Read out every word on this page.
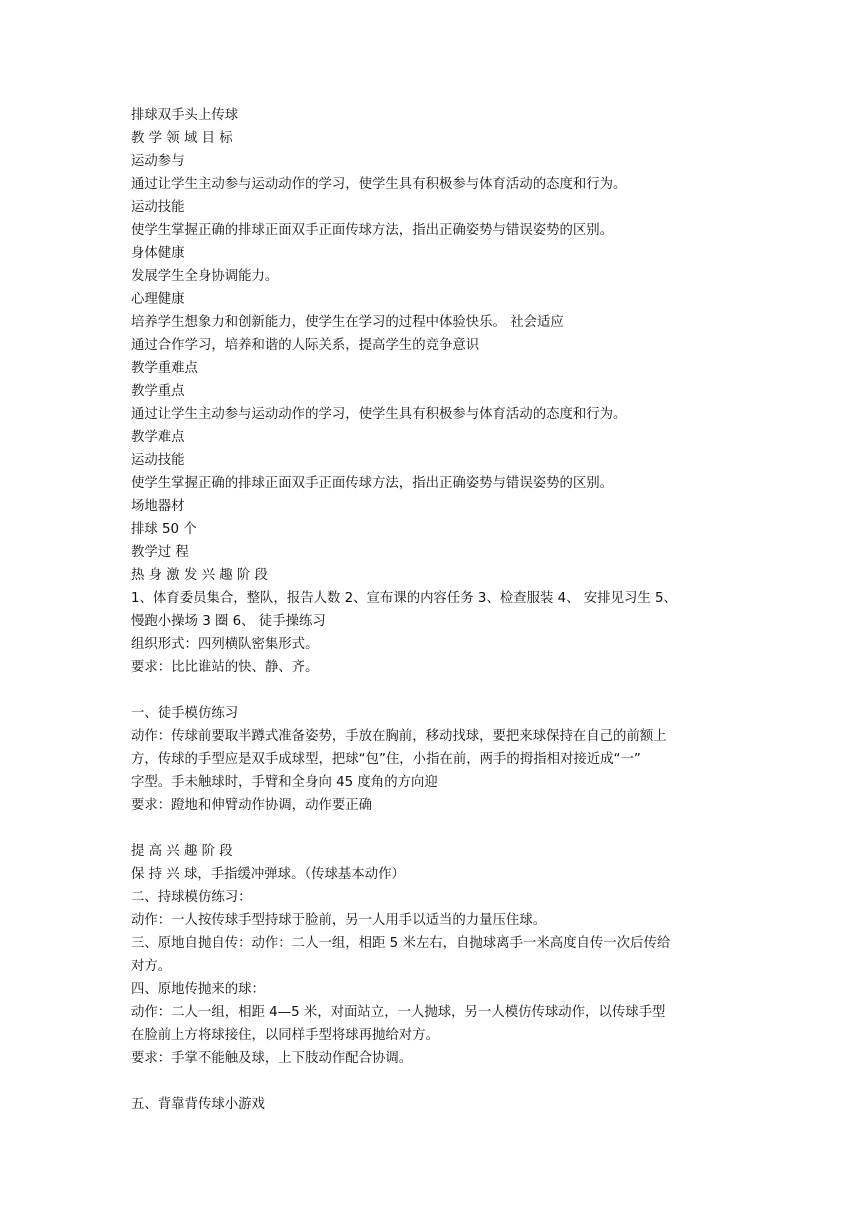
排球双手头上传球
教 学 领 域 目 标
运动参与
通过让学生主动参与运动动作的学习，使学生具有积极参与体育活动的态度和行为。
运动技能
使学生掌握正确的排球正面双手正面传球方法，指出正确姿势与错误姿势的区别。
身体健康
发展学生全身协调能力。
心理健康
培养学生想象力和创新能力，使学生在学习的过程中体验快乐。 社会适应
通过合作学习，培养和谐的人际关系，提高学生的竞争意识
教学重难点
教学重点
通过让学生主动参与运动动作的学习，使学生具有积极参与体育活动的态度和行为。
教学难点
运动技能
使学生掌握正确的排球正面双手正面传球方法，指出正确姿势与错误姿势的区别。
场地器材
排球 50 个
教学过 程
热 身 激 发 兴 趣 阶 段
1、体育委员集合，整队，报告人数 2、宣布课的内容任务 3、检查服装 4、 安排见习生 5、
慢跑小操场 3 圈 6、 徒手操练习
组织形式：四列横队密集形式。
要求：比比谁站的快、静、齐。
一、徒手模仿练习
动作：传球前要取半蹲式准备姿势，手放在胸前，移动找球，要把来球保持在自己的前额上
方，传球的手型应是双手成球型，把球“包”住，小指在前，两手的拇指相对接近成“一”
字型。手未触球时，手臂和全身向 45 度角的方向迎
要求：蹬地和伸臂动作协调，动作要正确
提 高 兴 趣 阶 段
保 持 兴 球，手指缓冲弹球。（传球基本动作）
二、持球模仿练习：
动作：一人按传球手型持球于脸前，另一人用手以适当的力量压住球。
三、原地自抛自传：动作：二人一组，相距 5 米左右，自抛球离手一米高度自传一次后传给
对方。
四、原地传抛来的球：
动作：二人一组，相距 4—5 米，对面站立，一人抛球，另一人模仿传球动作，以传球手型
在脸前上方将球接住，以同样手型将球再抛给对方。
要求：手掌不能触及球，上下肢动作配合协调。
五、背靠背传球小游戏
